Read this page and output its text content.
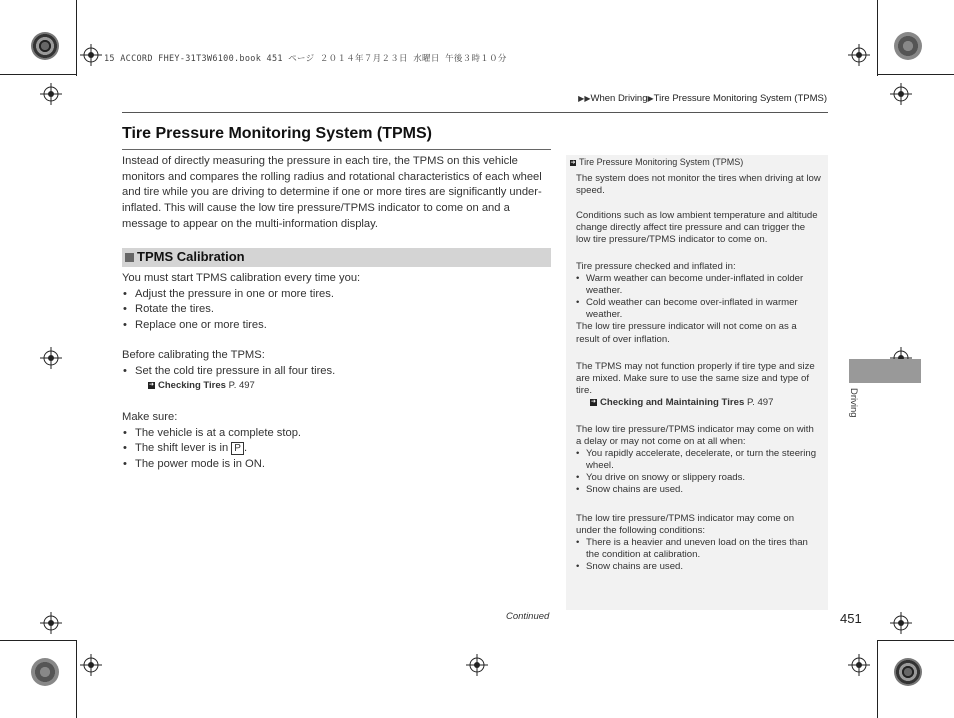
15 ACCORD FHEY-31T3W6100.book 451 ページ ２０１４年７月２３日 水曜日 午後３時１０分
▶▶When Driving▶Tire Pressure Monitoring System (TPMS)
Tire Pressure Monitoring System (TPMS)
Instead of directly measuring the pressure in each tire, the TPMS on this vehicle monitors and compares the rolling radius and rotational characteristics of each wheel and tire while you are driving to determine if one or more tires are significantly under-inflated. This will cause the low tire pressure/TPMS indicator to come on and a message to appear on the multi-information display.
TPMS Calibration
You must start TPMS calibration every time you:
• Adjust the pressure in one or more tires.
• Rotate the tires.
• Replace one or more tires.
Before calibrating the TPMS:
• Set the cold tire pressure in all four tires.
➜ Checking Tires P. 497
Make sure:
• The vehicle is at a complete stop.
• The shift lever is in P .
• The power mode is in ON.
➜ Tire Pressure Monitoring System (TPMS)
The system does not monitor the tires when driving at low speed.
Conditions such as low ambient temperature and altitude change directly affect tire pressure and can trigger the low tire pressure/TPMS indicator to come on.
Tire pressure checked and inflated in:
• Warm weather can become under-inflated in colder weather.
• Cold weather can become over-inflated in warmer weather.
The low tire pressure indicator will not come on as a result of over inflation.
The TPMS may not function properly if tire type and size are mixed. Make sure to use the same size and type of tire.
➜ Checking and Maintaining Tires P. 497
The low tire pressure/TPMS indicator may come on with a delay or may not come on at all when:
• You rapidly accelerate, decelerate, or turn the steering wheel.
• You drive on snowy or slippery roads.
• Snow chains are used.
The low tire pressure/TPMS indicator may come on under the following conditions:
• There is a heavier and uneven load on the tires than the condition at calibration.
• Snow chains are used.
Driving
Continued	451
